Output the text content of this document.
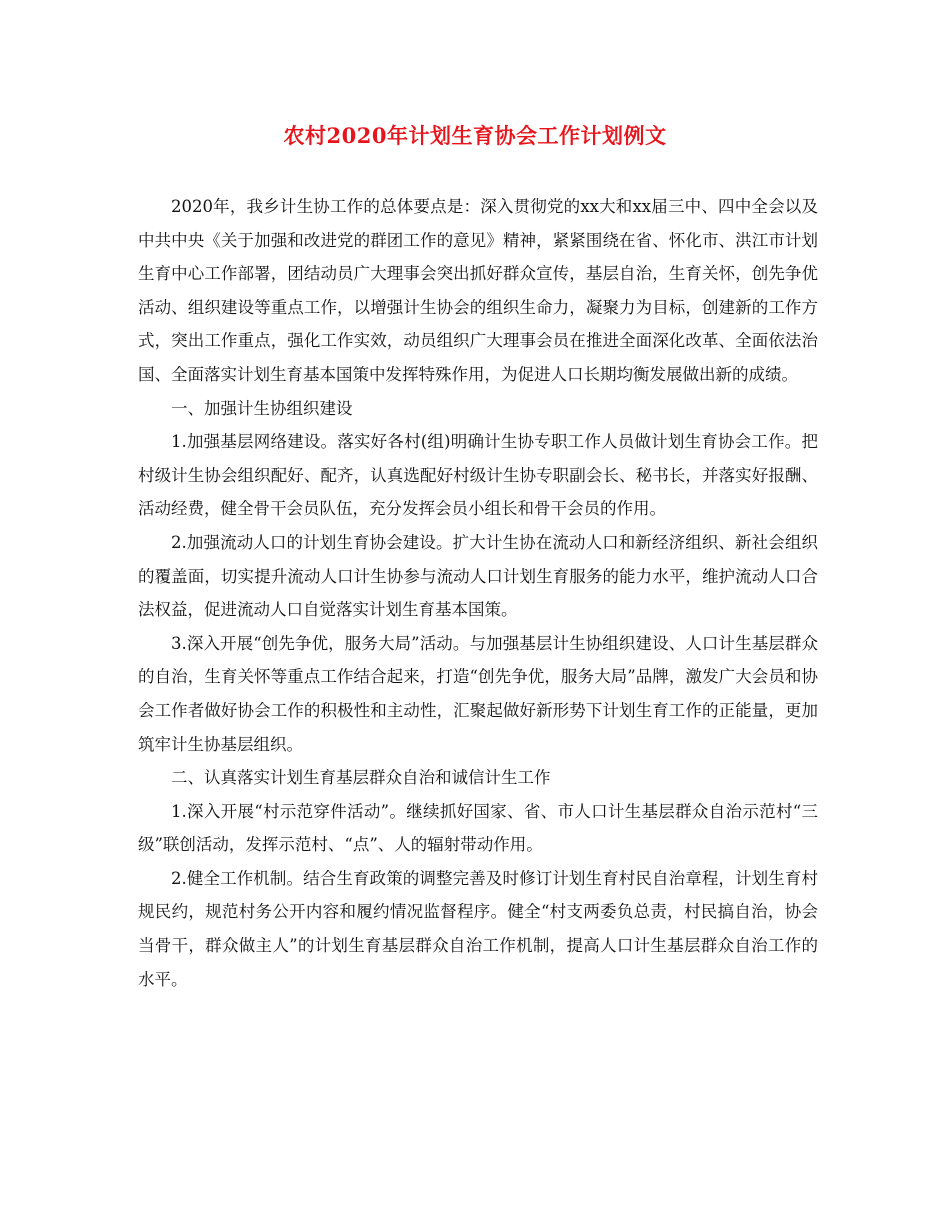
农村2020年计划生育协会工作计划例文

2020年，我乡计生协工作的总体要点是：深入贯彻党的xx大和xx届三中、四中全会以及中共中央《关于加强和改进党的群团工作的意见》精神，紧紧围绕在省、怀化市、洪江市计划生育中心工作部署，团结动员广大理事会突出抓好群众宣传，基层自治，生育关怀，创先争优活动、组织建设等重点工作，以增强计生协会的组织生命力，凝聚力为目标，创建新的工作方式，突出工作重点，强化工作实效，动员组织广大理事会员在推进全面深化改革、全面依法治国、全面落实计划生育基本国策中发挥特殊作用，为促进人口长期均衡发展做出新的成绩。

一、加强计生协组织建设

1.加强基层网络建设。落实好各村(组)明确计生协专职工作人员做计划生育协会工作。把村级计生协会组织配好、配齐，认真选配好村级计生协专职副会长、秘书长，并落实好报酬、活动经费，健全骨干会员队伍，充分发挥会员小组长和骨干会员的作用。

2.加强流动人口的计划生育协会建设。扩大计生协在流动人口和新经济组织、新社会组织的覆盖面，切实提升流动人口计生协参与流动人口计划生育服务的能力水平，维护流动人口合法权益，促进流动人口自觉落实计划生育基本国策。

3.深入开展“创先争优，服务大局”活动。与加强基层计生协组织建设、人口计生基层群众的自治，生育关怀等重点工作结合起来，打造“创先争优，服务大局”品牌，激发广大会员和协会工作者做好协会工作的积极性和主动性，汇聚起做好新形势下计划生育工作的正能量，更加筑牢计生协基层组织。

二、认真落实计划生育基层群众自治和诚信计生工作

1.深入开展“村示范穿件活动”。继续抓好国家、省、市人口计生基层群众自治示范村“三级”联创活动，发挥示范村、“点”、人的辐射带动作用。

2.健全工作机制。结合生育政策的调整完善及时修订计划生育村民自治章程，计划生育村规民约，规范村务公开内容和履约情况监督程序。健全“村支两委负总责，村民搞自治，协会当骨干，群众做主人”的计划生育基层群众自治工作机制，提高人口计生基层群众自治工作的水平。
